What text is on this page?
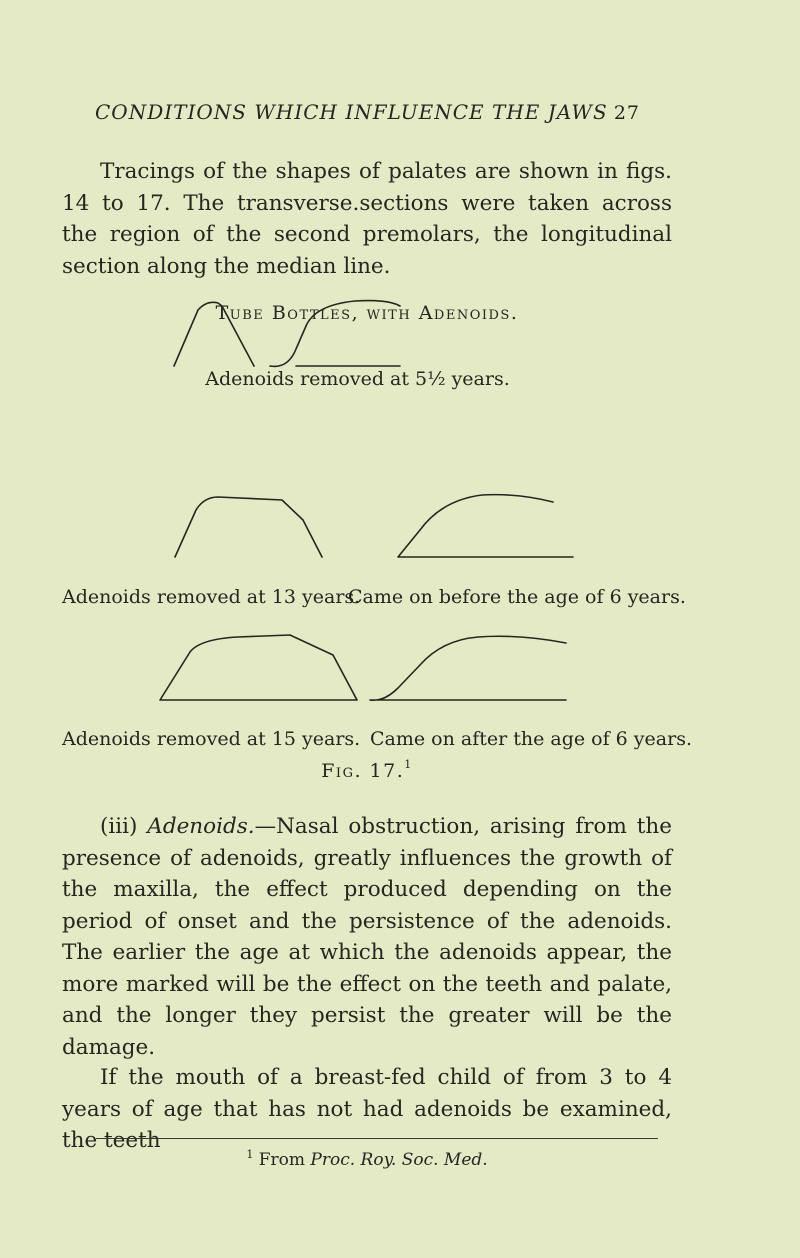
CONDITIONS WHICH INFLUENCE THE JAWS 27

Tracings of the shapes of palates are shown in figs. 14 to 17. The transverse.sections were taken across the region of the second premolars, the longitudinal section along the median line.

Tube Bottles, with Adenoids.
Adenoids removed at 5½ years.
Adenoids removed at 13 years.
Came on before the age of 6 years.
Adenoids removed at 15 years. Came on after the age of 6 years.
Fig. 17.$^1$

(iii) Adenoids.—Nasal obstruction, arising from the presence of adenoids, greatly influences the growth of the maxilla, the effect produced depending on the period of onset and the persistence of the adenoids. The earlier the age at which the adenoids appear, the more marked will be the effect on the teeth and palate, and the longer they persist the greater will be the damage.

If the mouth of a breast-fed child of from 3 to 4 years of age that has not had adenoids be examined, the teeth

$^1$ From Proc. Roy. Soc. Med.
